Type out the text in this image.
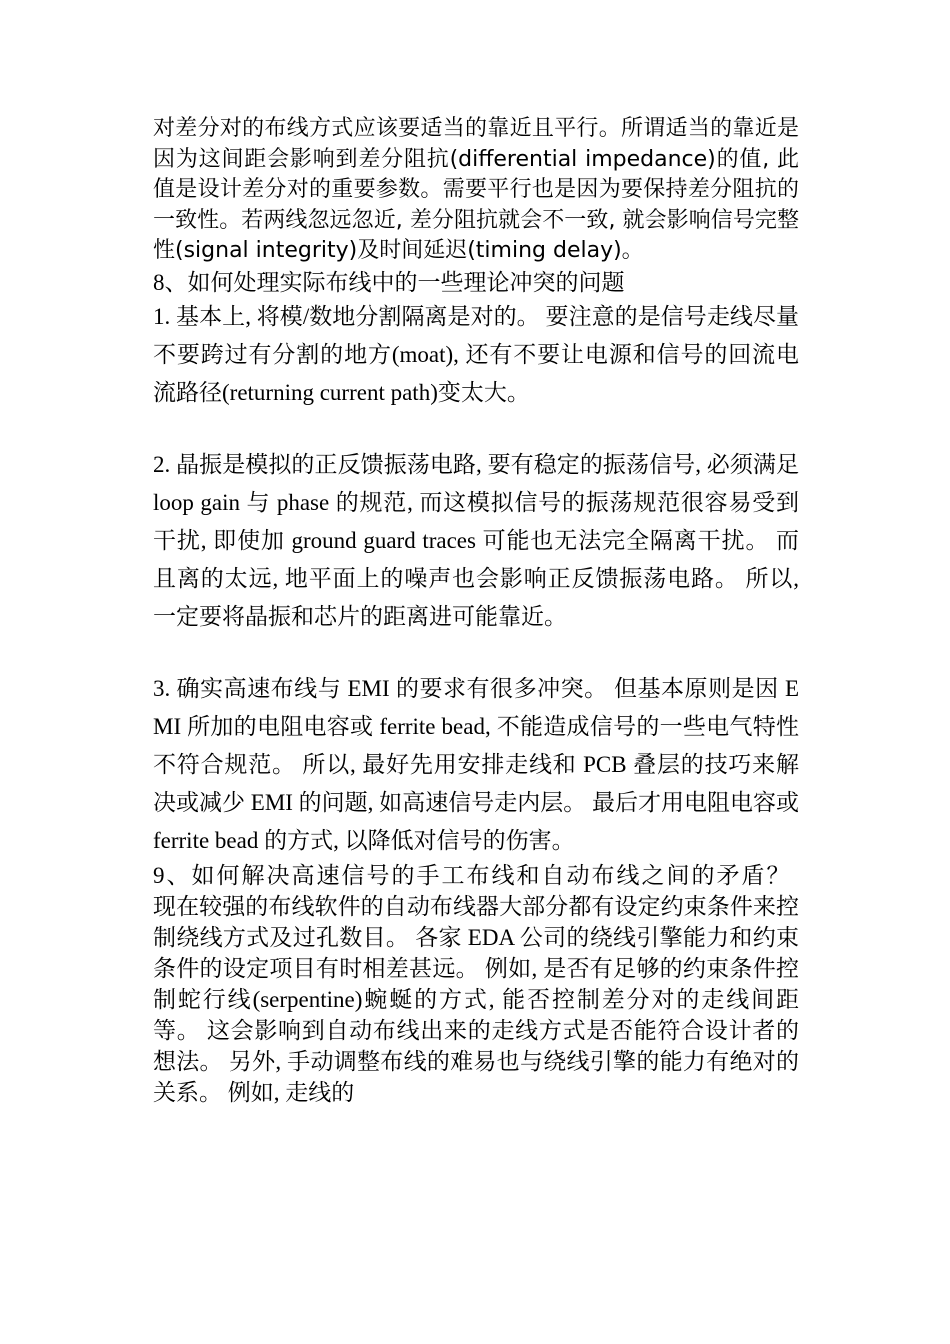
对差分对的布线方式应该要适当的靠近且平行。所谓适当的靠近是因为这间距会影响到差分阻抗(differential impedance)的值, 此值是设计差分对的重要参数。需要平行也是因为要保持差分阻抗的一致性。若两线忽远忽近, 差分阻抗就会不一致, 就会影响信号完整性(signal integrity)及时间延迟(timing delay)。

8、如何处理实际布线中的一些理论冲突的问题

1. 基本上, 将模/数地分割隔离是对的。 要注意的是信号走线尽量不要跨过有分割的地方(moat), 还有不要让电源和信号的回流电流路径(returning current path)变太大。

2. 晶振是模拟的正反馈振荡电路, 要有稳定的振荡信号, 必须满足 loop gain 与 phase 的规范, 而这模拟信号的振荡规范很容易受到干扰, 即使加 ground guard traces 可能也无法完全隔离干扰。 而且离的太远, 地平面上的噪声也会影响正反馈振荡电路。 所以, 一定要将晶振和芯片的距离进可能靠近。

3. 确实高速布线与 EMI 的要求有很多冲突。 但基本原则是因 EMI 所加的电阻电容或 ferrite bead, 不能造成信号的一些电气特性不符合规范。 所以, 最好先用安排走线和 PCB 叠层的技巧来解决或减少 EMI 的问题, 如高速信号走内层。 最后才用电阻电容或 ferrite bead 的方式, 以降低对信号的伤害。

9、如何解决高速信号的手工布线和自动布线之间的矛盾？

现在较强的布线软件的自动布线器大部分都有设定约束条件来控制绕线方式及过孔数目。 各家 EDA 公司的绕线引擎能力和约束条件的设定项目有时相差甚远。 例如, 是否有足够的约束条件控制蛇行线(serpentine)蜿蜒的方式, 能否控制差分对的走线间距等。 这会影响到自动布线出来的走线方式是否能符合设计者的想法。 另外, 手动调整布线的难易也与绕线引擎的能力有绝对的关系。 例如, 走线的
